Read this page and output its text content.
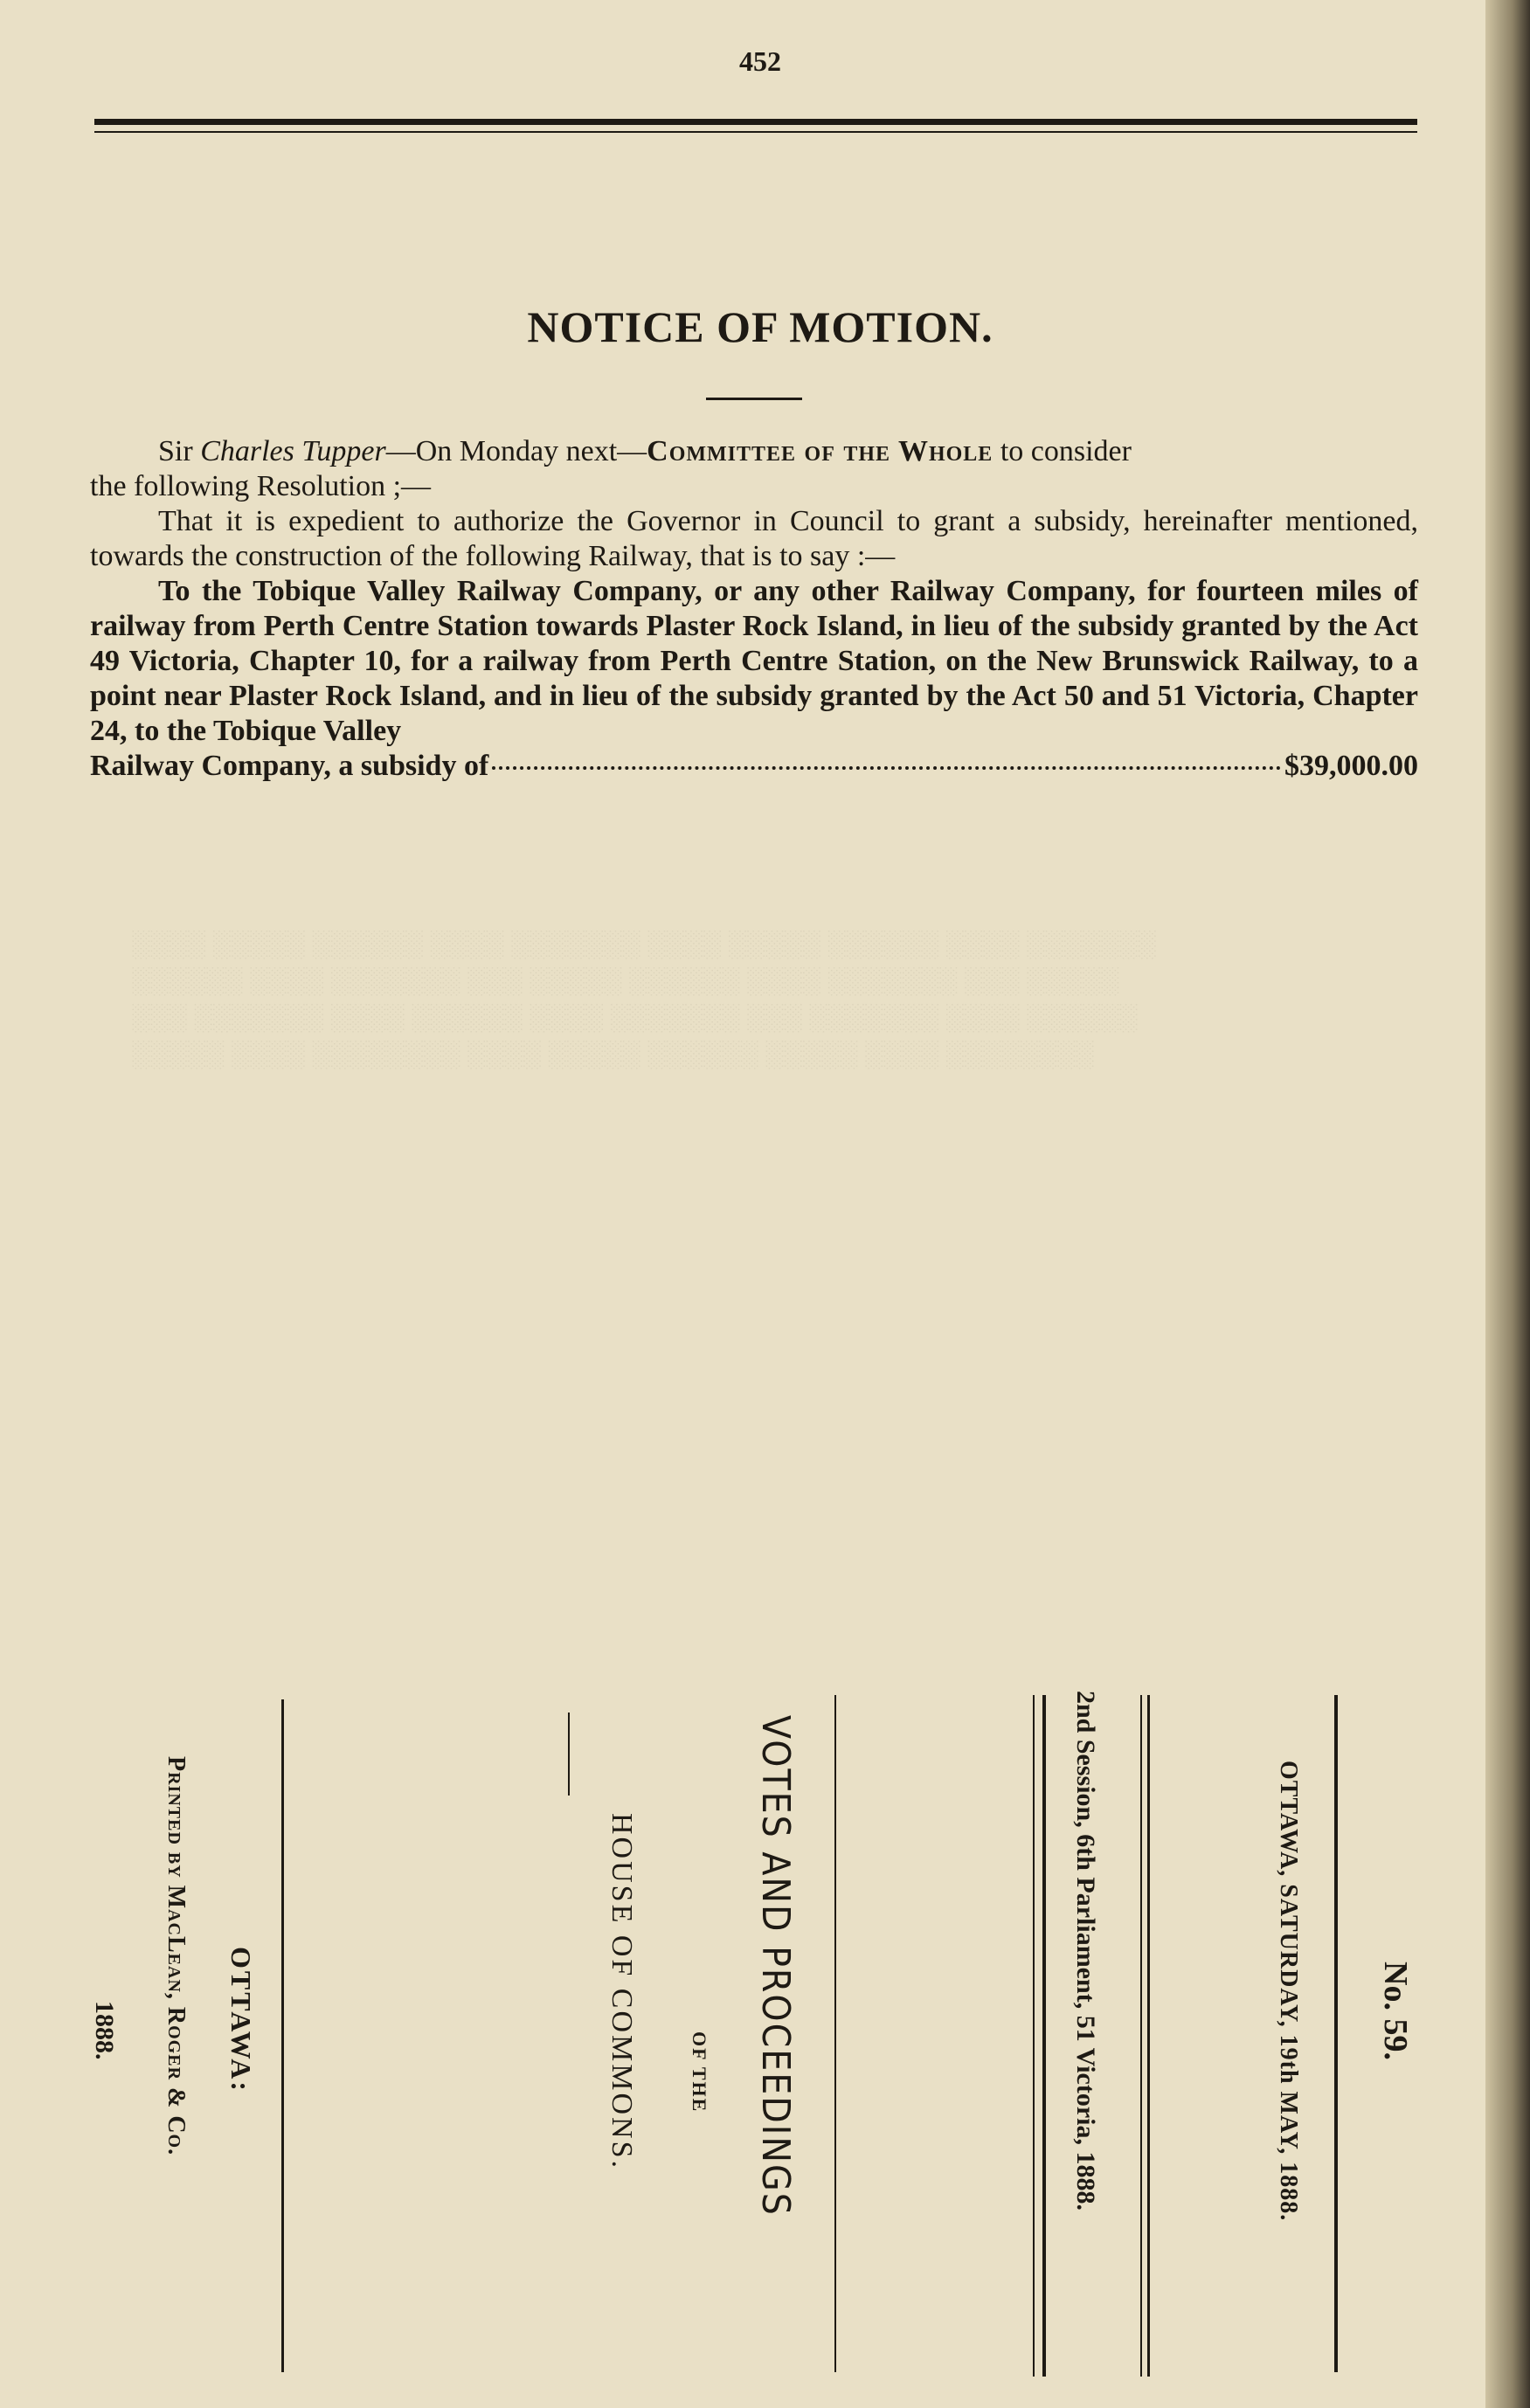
░░░░ ░░░░░ ░░░░░░ ░░░░ ░░░░░░░ ░░░░ ░░░░░ ░░░░░░ ░░░░ ░░░░░░░
░░░░░░ ░░░░ ░░░░░░░ ░░░ ░░░░░ ░░░░░░ ░░░░ ░░░░░░░ ░░░ ░░░░░
░░░ ░░░░░░░ ░░░░ ░░░░░░ ░░░░ ░░░░░░░ ░░░ ░░░░░░░ ░░░░ ░░░░░░
░░░░░ ░░░░ ░░░░░░░░ ░░░░ ░░░░░ ░░░░░░ ░░░░░ ░░░░ ░░░░░░░░
452
NOTICE OF MOTION.

Sir Charles Tupper—On Monday next—Committee of the Whole to consider

the following Resolution ;—

That it is expedient to authorize the Governor in Council to grant a subsidy, hereinafter mentioned, towards the construction of the following Railway, that is to say :—

To the Tobique Valley Railway Company, or any other Railway Company, for fourteen miles of railway from Perth Centre Station towards Plaster Rock Island, in lieu of the subsidy granted by the Act 49 Victoria, Chapter 10, for a railway from Perth Centre Station, on the New Brunswick Railway, to a point near Plaster Rock Island, and in lieu of the subsidy granted by the Act 50 and 51 Victoria, Chapter 24, to the Tobique Valley

Railway Company, a subsidy of	$39,000.00
No. 59.
OTTAWA, SATURDAY, 19th MAY, 1888.
2nd Session, 6th Parliament, 51 Victoria, 1888.
VOTES AND PROCEEDINGS
OF THE
HOUSE OF COMMONS.
OTTAWA:
Printed by MacLean, Roger & Co.
1888.
